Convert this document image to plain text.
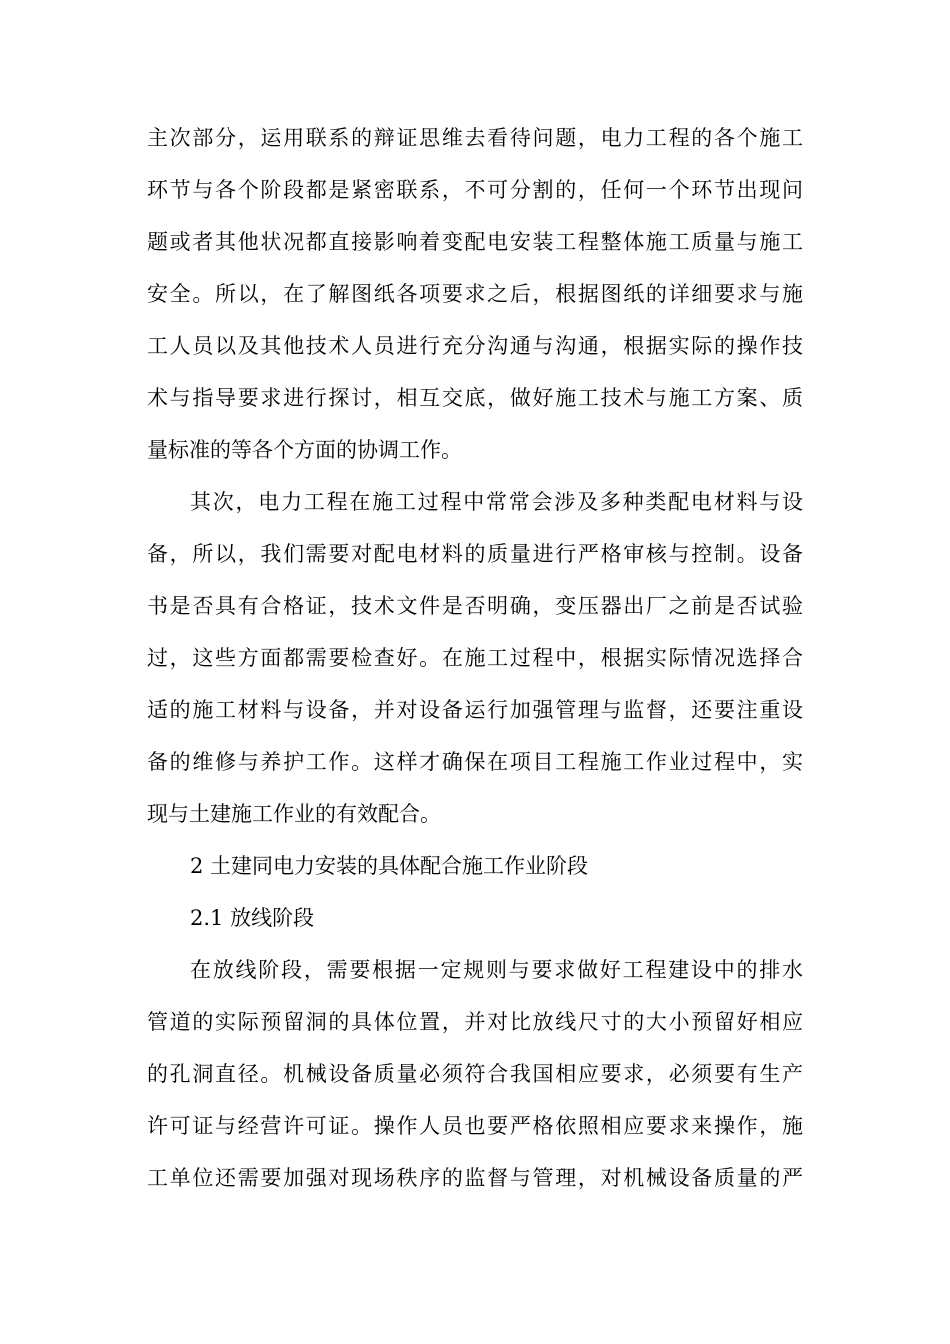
主次部分，运用联系的辩证思维去看待问题，电力工程的各个施工
环节与各个阶段都是紧密联系，不可分割的，任何一个环节出现问
题或者其他状况都直接影响着变配电安装工程整体施工质量与施工
安全。所以，在了解图纸各项要求之后，根据图纸的详细要求与施
工人员以及其他技术人员进行充分沟通与沟通，根据实际的操作技
术与指导要求进行探讨，相互交底，做好施工技术与施工方案、质
量标准的等各个方面的协调工作。
其次，电力工程在施工过程中常常会涉及多种类配电材料与设
备，所以，我们需要对配电材料的质量进行严格审核与控制。设备
书是否具有合格证，技术文件是否明确，变压器出厂之前是否试验
过，这些方面都需要检查好。在施工过程中，根据实际情况选择合
适的施工材料与设备，并对设备运行加强管理与监督，还要注重设
备的维修与养护工作。这样才确保在项目工程施工作业过程中，实
现与土建施工作业的有效配合。
2 土建同电力安装的具体配合施工作业阶段
2.1 放线阶段
在放线阶段，需要根据一定规则与要求做好工程建设中的排水
管道的实际预留洞的具体位置，并对比放线尺寸的大小预留好相应
的孔洞直径。机械设备质量必须符合我国相应要求，必须要有生产
许可证与经营许可证。操作人员也要严格依照相应要求来操作，施
工单位还需要加强对现场秩序的监督与管理，对机械设备质量的严
